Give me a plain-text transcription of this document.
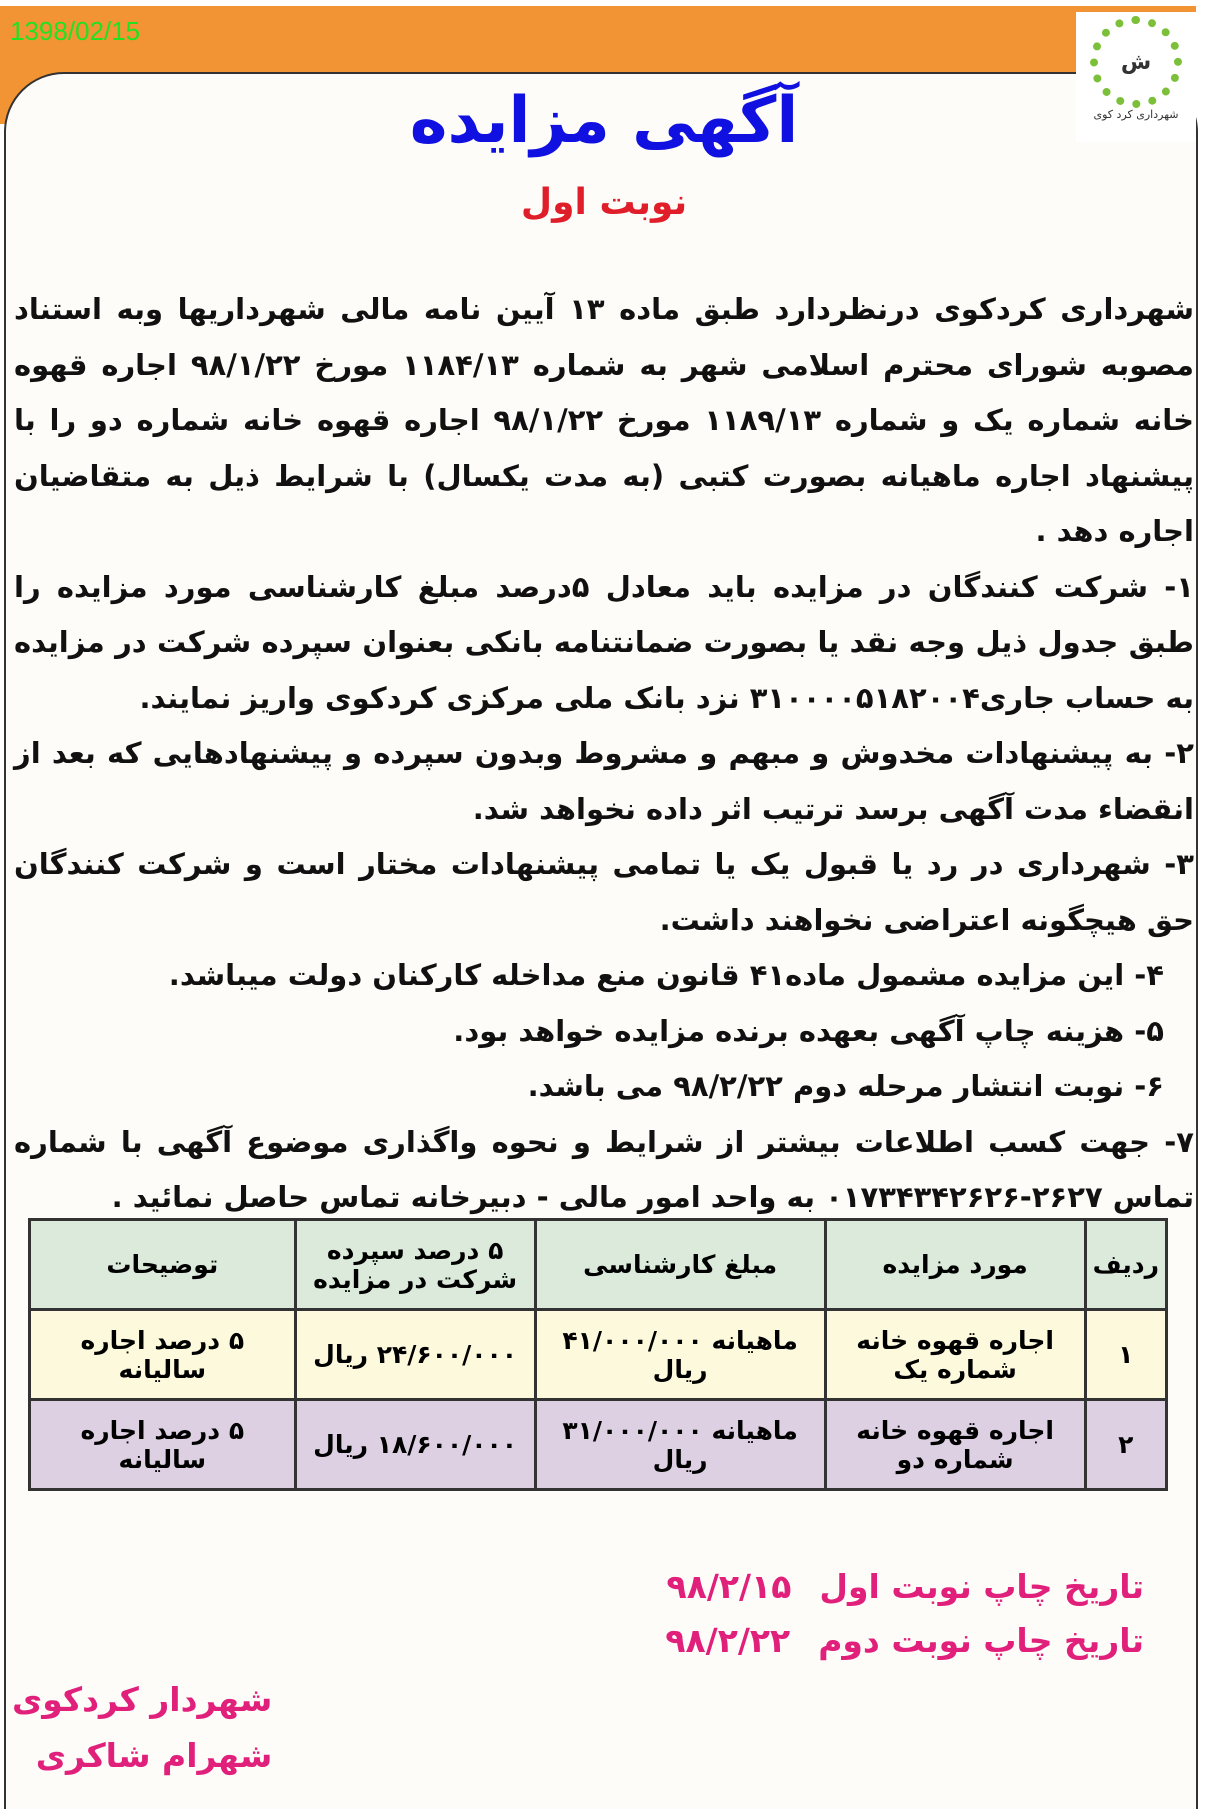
1398/02/15
ش
شهرداری کرد کوی
آگهی مزایده
نوبت اول

شهرداری کردکوی درنظردارد طبق ماده ۱۳ آیین نامه مالی شهرداریها وبه استناد مصوبه شورای محترم اسلامی شهر به شماره ۱۱۸۴/۱۳ مورخ ۹۸/۱/۲۲ اجاره قهوه خانه شماره یک و شماره ۱۱۸۹/۱۳ مورخ ۹۸/۱/۲۲ اجاره قهوه خانه شماره دو را با پیشنهاد اجاره ماهیانه بصورت کتبی (به مدت یکسال) با شرایط ذیل به متقاضیان اجاره دهد .

۱- شرکت کنندگان در مزایده باید معادل ۵درصد مبلغ کارشناسی مورد مزایده را طبق جدول ذیل وجه نقد یا بصورت ضمانتنامه بانکی بعنوان سپرده شرکت در مزایده به حساب جاری۳۱۰۰۰۰۵۱۸۲۰۰۴ نزد بانک ملی مرکزی کردکوی واریز نمایند.

۲- به پیشنهادات مخدوش و مبهم و مشروط وبدون سپرده و پیشنهادهایی که بعد از انقضاء مدت آگهی برسد ترتیب اثر داده نخواهد شد.

۳- شهرداری در رد یا قبول یک یا تمامی پیشنهادات مختار است و شرکت کنندگان حق هیچگونه اعتراضی نخواهند داشت.

۴- این مزایده مشمول ماده۴۱ قانون منع مداخله کارکنان دولت میباشد.

۵- هزینه چاپ آگهی بعهده برنده مزایده خواهد بود.

۶- نوبت انتشار مرحله دوم ۹۸/۲/۲۲ می باشد.

۷- جهت کسب اطلاعات بیشتر از شرایط و نحوه واگذاری موضوع آگهی با شماره تماس ۲۶۲۷-۰۱۷۳۴۳۴۲۶۲۶ به واحد امور مالی - دبیرخانه تماس حاصل نمائید .

ردیف	مورد مزایده	مبلغ کارشناسی	۵ درصد سپرده شرکت در مزایده	توضیحات
۱	اجاره قهوه خانه شماره یک	ماهیانه ۴۱/۰۰۰/۰۰۰ ریال	۲۴/۶۰۰/۰۰۰ ریال	۵ درصد اجاره سالیانه
۲	اجاره قهوه خانه شماره دو	ماهیانه ۳۱/۰۰۰/۰۰۰ ریال	۱۸/۶۰۰/۰۰۰ ریال	۵ درصد اجاره سالیانه
تاریخ چاپ نوبت اول۹۸/۲/۱۵
تاریخ چاپ نوبت دوم۹۸/۲/۲۲
شهردار کردکوی
شهرام شاکری
